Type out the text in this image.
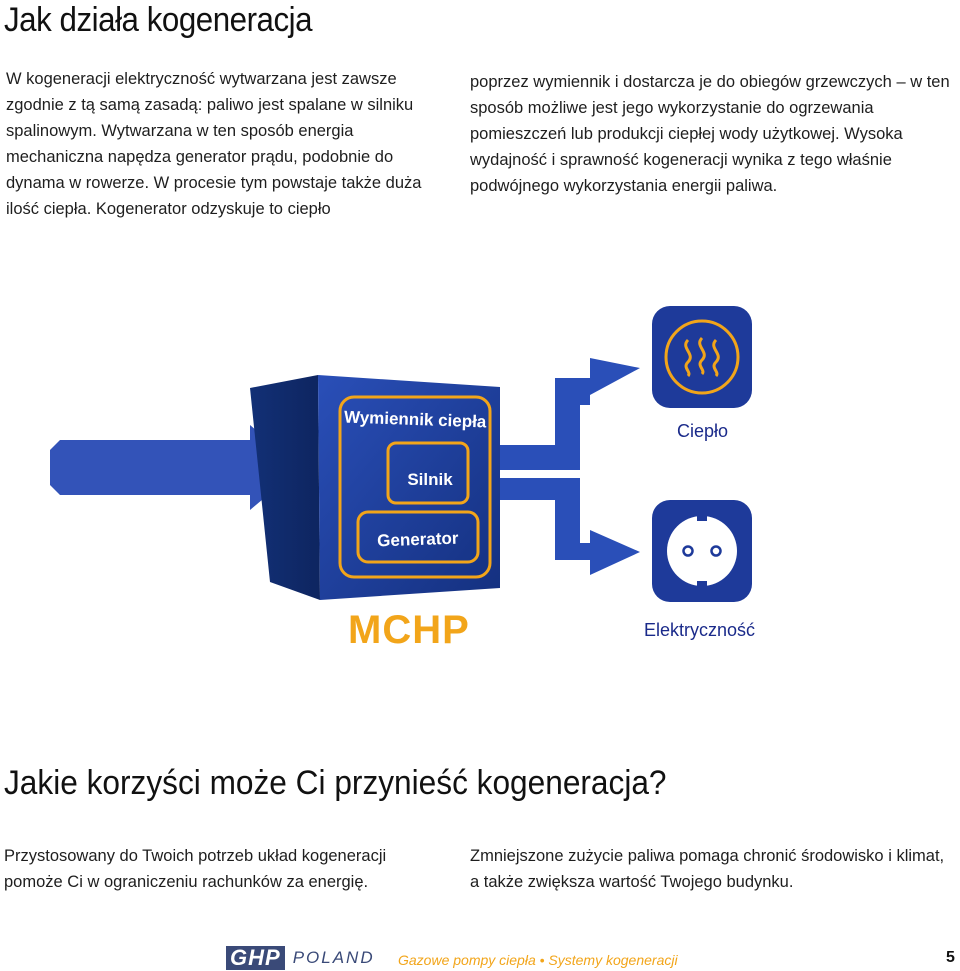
Jak działa kogeneracja

W kogeneracji elektryczność wytwarzana jest zawsze zgodnie z tą samą zasadą: paliwo jest spalane w silniku spalinowym. Wytwarzana w ten sposób energia mechaniczna napędza generator prądu, podobnie do dynama w rowerze. W procesie tym powstaje także duża ilość ciepła. Kogenerator odzyskuje to ciepło

poprzez wymiennik i dostarcza je do obiegów grzewczych – w ten sposób możliwe jest jego wykorzystanie do ogrzewania pomieszczeń lub produkcji ciepłej wody użytkowej. Wysoka wydajność i sprawność kogeneracji wynika z tego właśnie podwójnego wykorzystania energii paliwa.

Wymiennik ciepła
Silnik
Generator
Ciepło
Elektryczność
MCHP
Jakie korzyści może Ci przynieść kogeneracja?

Przystosowany do Twoich potrzeb układ kogeneracji pomoże Ci w ograniczeniu rachunków za energię.

Zmniejszone zużycie paliwa pomaga chronić środowisko i klimat, a także zwiększa wartość Twojego budynku.

GHP POLAND Gazowe pompy ciepła • Systemy kogeneracji	5
